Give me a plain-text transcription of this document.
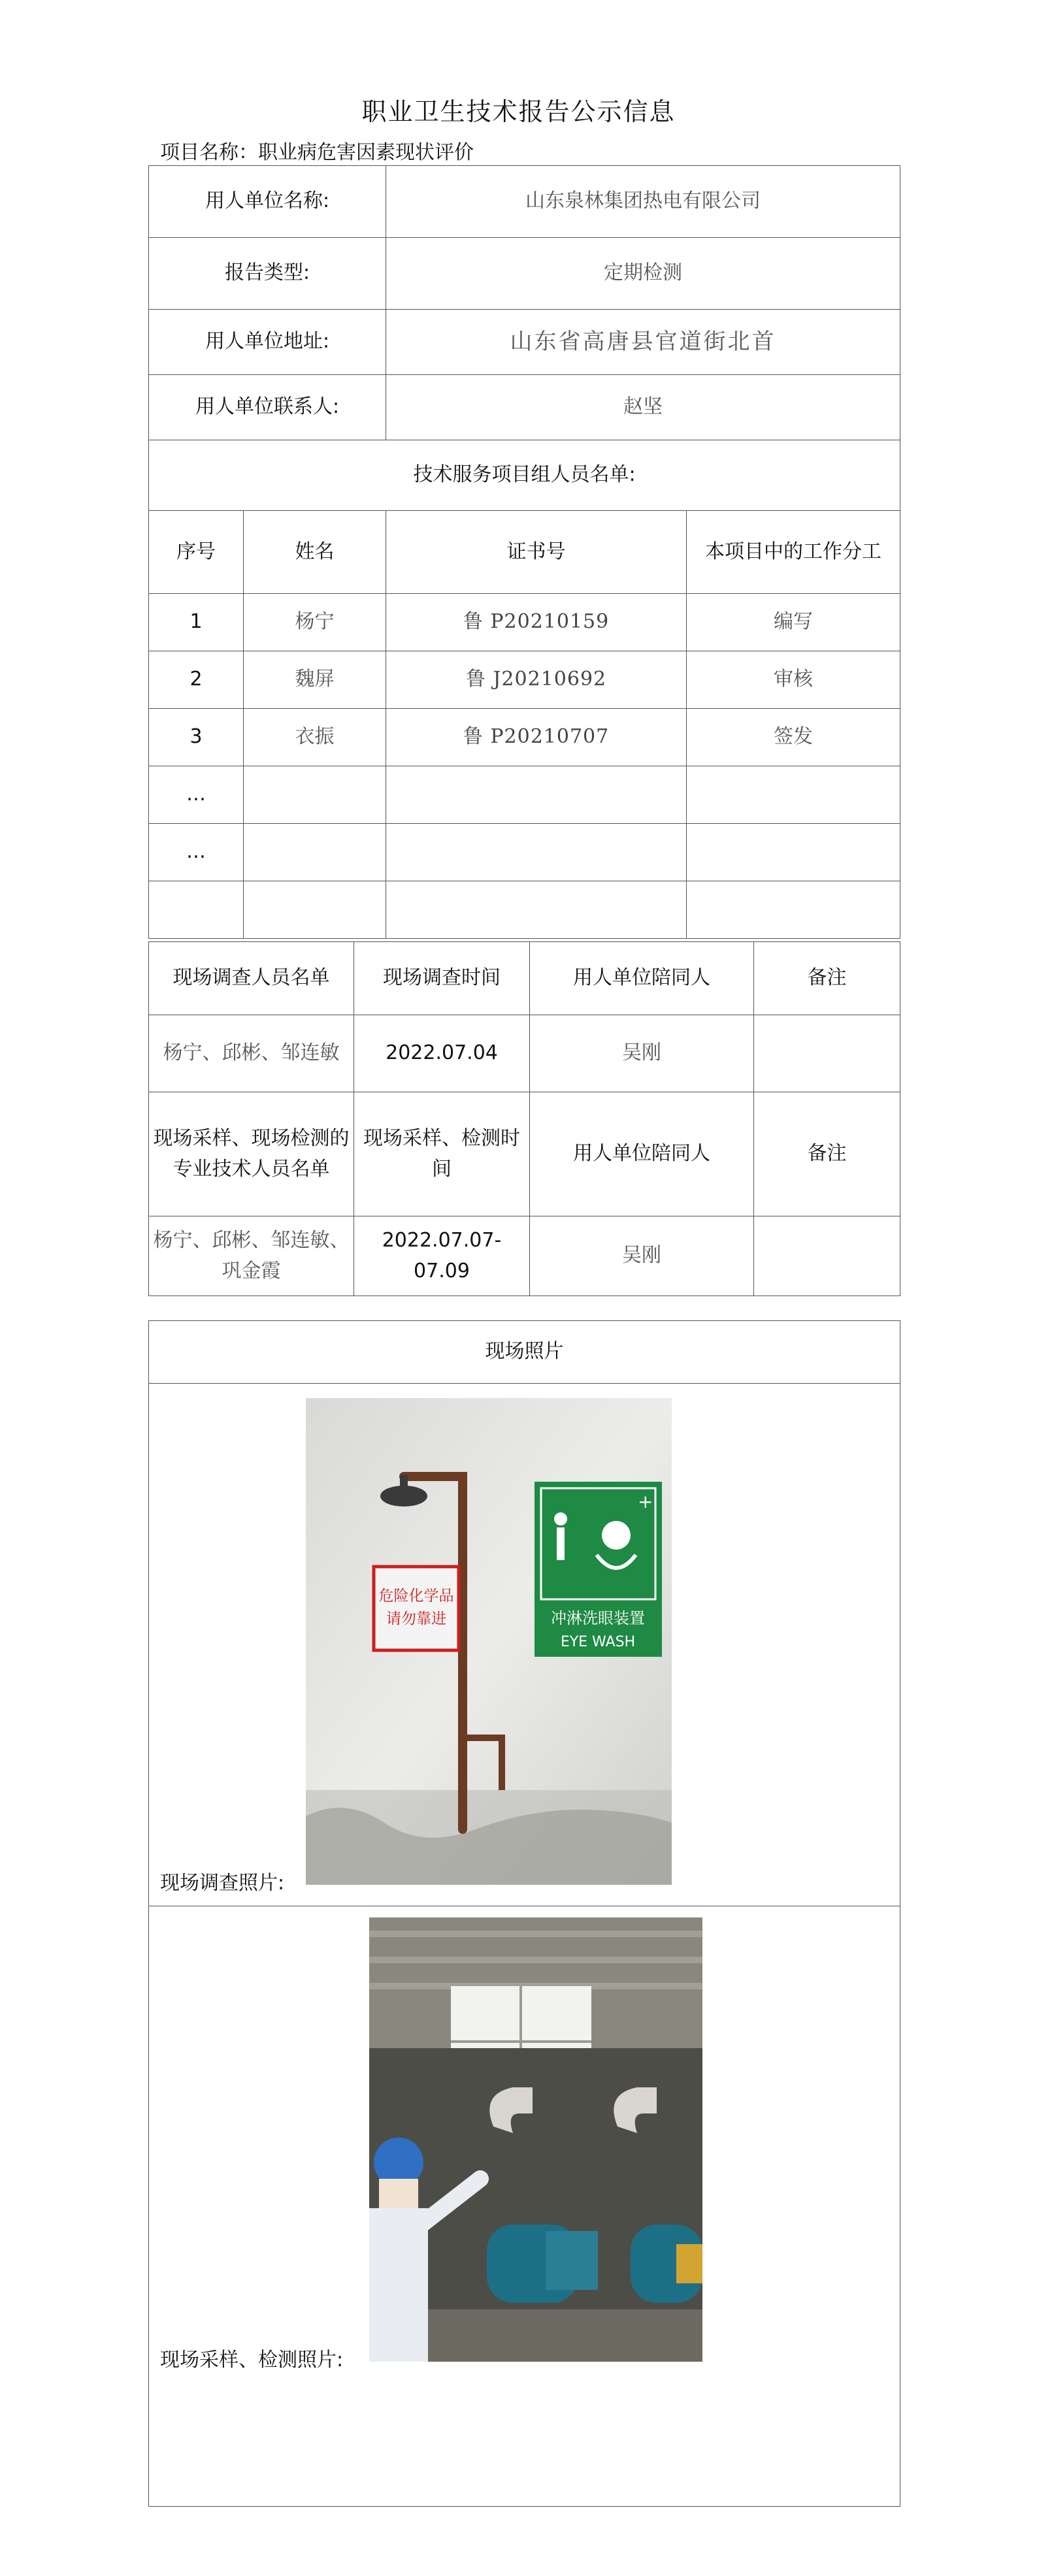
职业卫生技术报告公示信息
项目名称：职业病危害因素现状评价
用人单位名称:		山东泉林集团热电有限公司	
报告类型:		定期检测	
用人单位地址:		山东省高唐县官道街北首	
用人单位联系人:		赵坚	
技术服务项目组人员名单:			
序号	姓名	证书号	本项目中的工作分工
1	杨宁	鲁 P20210159	编写
2	魏屏	鲁 J20210692	审核
3	衣振	鲁 P20210707	签发
…			
…			

现场调查人员名单	现场调查时间	用人单位陪同人	备注
杨宁、邱彬、邹连敏	2022.07.04	吴刚	
现场采样、现场检测的专业技术人员名单	现场采样、检测时间	用人单位陪同人	备注
杨宁、邱彬、邹连敏、巩金霞	2022.07.07-07.09	吴刚	
现场照片

危险化学品
请勿靠进
+
冲淋洗眼装置
EYE WASH
现场调查照片:
现场采样、检测照片:
